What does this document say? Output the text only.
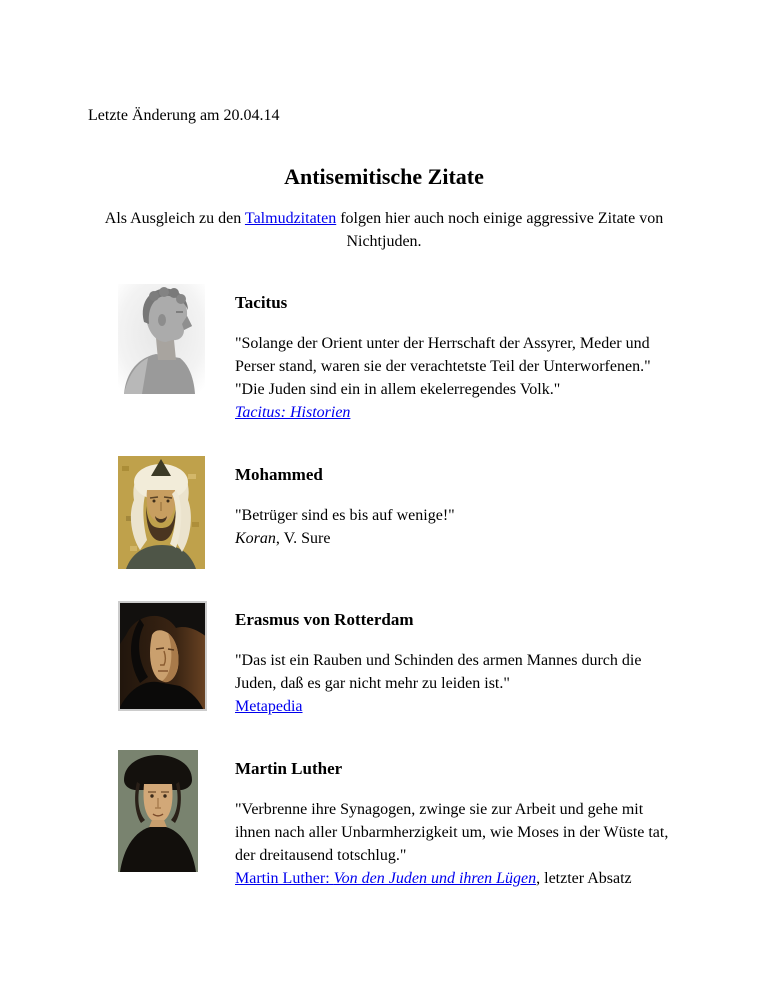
Letzte Änderung am 20.04.14

Antisemitische Zitate

Als Ausgleich zu den Talmudzitaten folgen hier auch noch einige aggressive Zitate von Nichtjuden.

Tacitus

"Solange der Orient unter der Herrschaft der Assyrer, Meder und Perser stand, waren sie der verachtetste Teil der Unterworfenen."
"Die Juden sind ein in allem ekelerregendes Volk."
Tacitus: Historien

Mohammed

"Betrüger sind es bis auf wenige!"
Koran, V. Sure

Erasmus von Rotterdam

"Das ist ein Rauben und Schinden des armen Mannes durch die Juden, daß es gar nicht mehr zu leiden ist."
Metapedia

Martin Luther

"Verbrenne ihre Synagogen, zwinge sie zur Arbeit und gehe mit ihnen nach aller Unbarmherzigkeit um, wie Moses in der Wüste tat, der dreitausend totschlug."
Martin Luther: Von den Juden und ihren Lügen, letzter Absatz
